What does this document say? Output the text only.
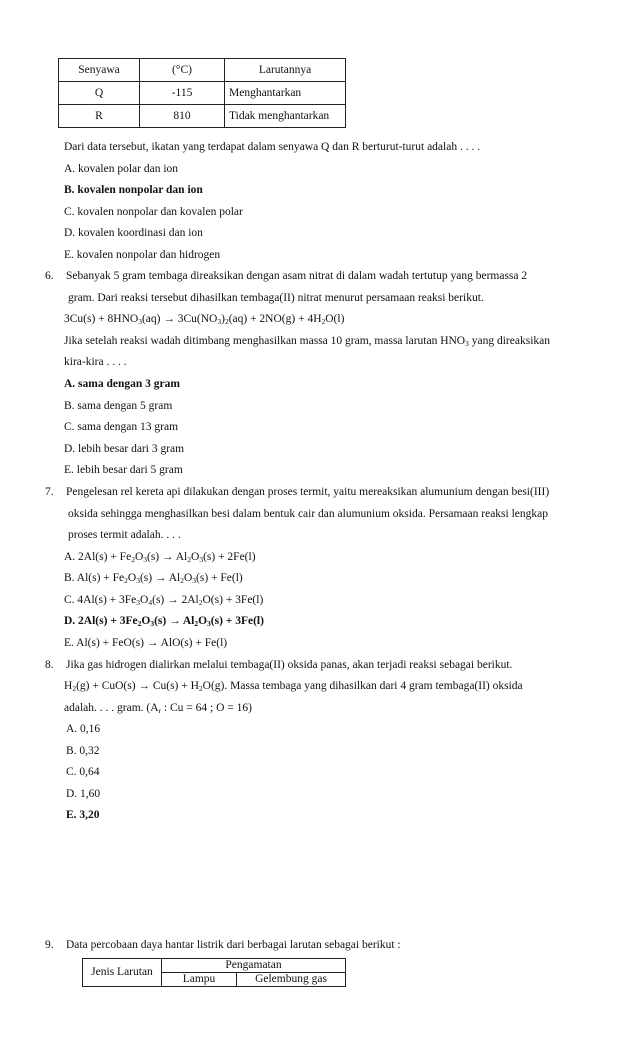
Senyawa	(°C)	Larutannya
Q	-115	Menghantarkan
R	810	Tidak menghantarkan
Dari data tersebut, ikatan yang terdapat dalam senyawa Q dan R berturut-turut adalah . . . .
A. kovalen polar dan ion
B. kovalen nonpolar dan ion
C. kovalen nonpolar dan kovalen polar
D. kovalen koordinasi dan ion
E. kovalen nonpolar dan hidrogen
6. Sebanyak 5 gram tembaga direaksikan dengan asam nitrat di dalam wadah tertutup yang bermassa 2
gram. Dari reaksi tersebut dihasilkan tembaga(II) nitrat menurut persamaan reaksi berikut.
$3Cu(s) + 8HNO_3(aq) \to 3Cu(NO_3)_2(aq) + 2NO(g) + 4H_2O(l)$
Jika setelah reaksi wadah ditimbang menghasilkan massa 10 gram, massa larutan $HNO_3$ yang direaksikan
kira-kira . . . .
A. sama dengan 3 gram
B. sama dengan 5 gram
C. sama dengan 13 gram
D. lebih besar dari 3 gram
E. lebih besar dari 5 gram
7. Pengelesan rel kereta api dilakukan dengan proses termit, yaitu mereaksikan alumunium dengan besi(III)
oksida sehingga menghasilkan besi dalam bentuk cair dan alumunium oksida. Persamaan reaksi lengkap
proses termit adalah. . . .
A. $2Al(s) + Fe_2O_3(s) \to Al_2O_3(s) + 2Fe(l)$
B. $Al(s) + Fe_2O_3(s) \to Al_2O_3(s) + Fe(l)$
C. $4Al(s) + 3Fe_3O_4(s) \to 2Al_2O(s) + 3Fe(l)$
D. $2Al(s) + 3Fe_2O_3(s) \to Al_2O_3(s) + 3Fe(l)$
E. Al(s) + FeO(s) → AlO(s) + Fe(l)
8. Jika gas hidrogen dialirkan melalui tembaga(II) oksida panas, akan terjadi reaksi sebagai berikut.
$H_2(g) + CuO(s) \to Cu(s) + H_2O(g)$. Massa tembaga yang dihasilkan dari 4 gram tembaga(II) oksida
adalah. . . . gram. ($A_r$ : Cu = 64 ; O = 16)
A. 0,16
B. 0,32
C. 0,64
D. 1,60
E. 3,20
9. Data percobaan daya hantar listrik dari berbagai larutan sebagai berikut :
Jenis Larutan	Pengamatan	
	Lampu	Gelembung gas
